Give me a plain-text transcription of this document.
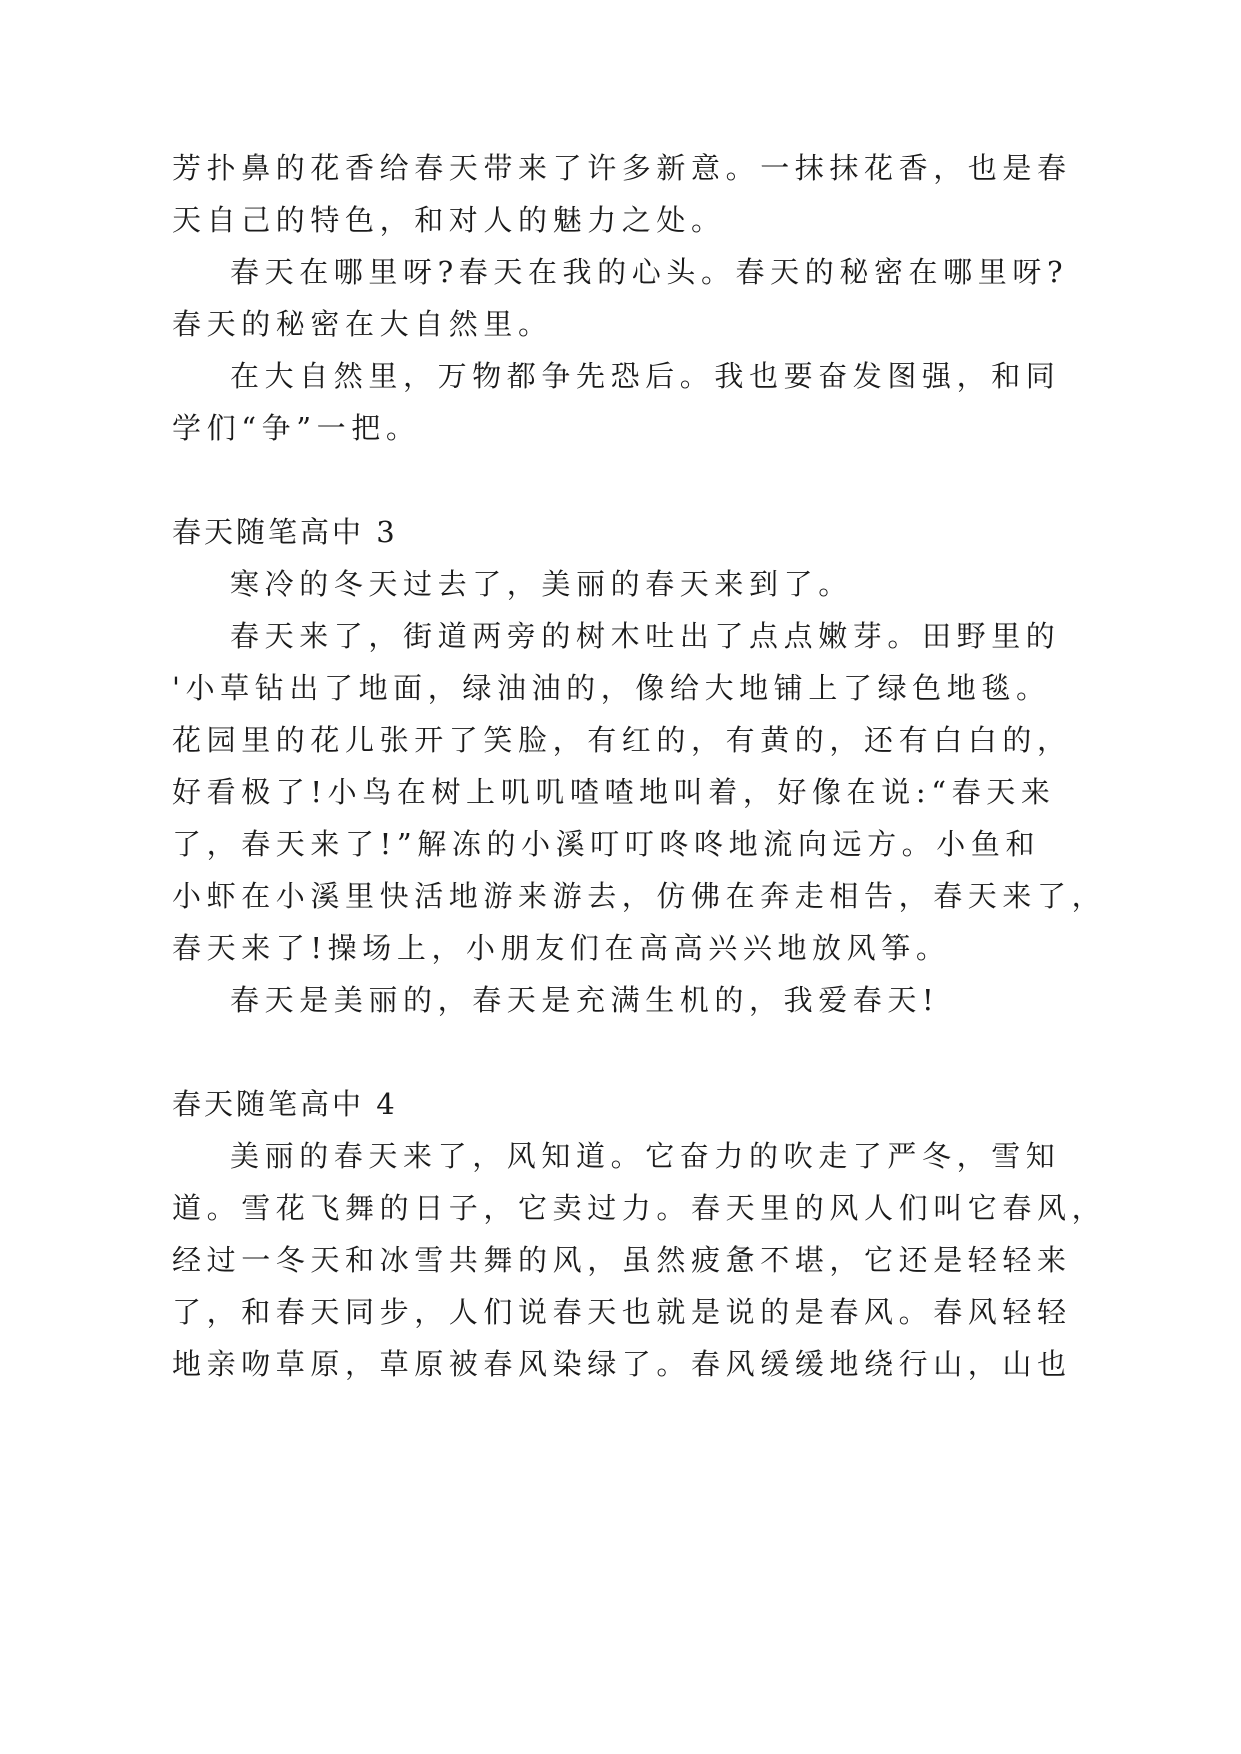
芳扑鼻的花香给春天带来了许多新意。一抹抹花香，也是春
天自己的特色，和对人的魅力之处。
春天在哪里呀?春天在我的心头。春天的秘密在哪里呀?
春天的秘密在大自然里。
在大自然里，万物都争先恐后。我也要奋发图强，和同
学们“争”一把。
春天随笔高中 3
寒冷的冬天过去了，美丽的春天来到了。
春天来了，街道两旁的树木吐出了点点嫩芽。田野里的
'小草钻出了地面，绿油油的，像给大地铺上了绿色地毯。
花园里的花儿张开了笑脸，有红的，有黄的，还有白白的，
好看极了!小鸟在树上叽叽喳喳地叫着，好像在说:“春天来
了，春天来了!”解冻的小溪叮叮咚咚地流向远方。小鱼和
小虾在小溪里快活地游来游去，仿佛在奔走相告，春天来了，
春天来了!操场上，小朋友们在高高兴兴地放风筝。
春天是美丽的，春天是充满生机的，我爱春天!
春天随笔高中 4
美丽的春天来了，风知道。它奋力的吹走了严冬，雪知
道。雪花飞舞的日子，它卖过力。春天里的风人们叫它春风，
经过一冬天和冰雪共舞的风，虽然疲惫不堪，它还是轻轻来
了，和春天同步，人们说春天也就是说的是春风。春风轻轻
地亲吻草原，草原被春风染绿了。春风缓缓地绕行山，山也
